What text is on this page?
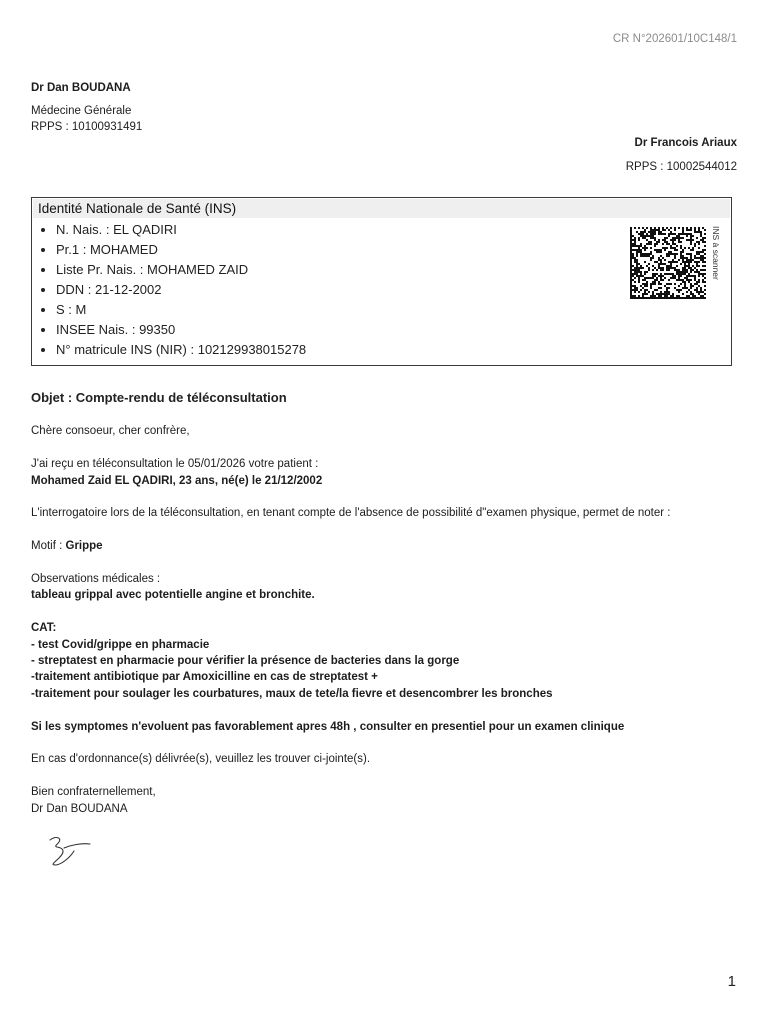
CR N°202601/10C148/1
Dr Dan BOUDANA
Médecine Générale
RPPS : 10100931491
Dr Francois Ariaux
RPPS : 10002544012
Identité Nationale de Santé (INS)
• N. Nais. : EL QADIRI
• Pr.1 : MOHAMED
• Liste Pr. Nais. : MOHAMED ZAID
• DDN : 21-12-2002
• S : M
• INSEE Nais. : 99350
• N° matricule INS (NIR) : 102129938015278
INS à scanner

Objet : Compte-rendu de téléconsultation

Chère consoeur, cher confrère,

J'ai reçu en téléconsultation le 05/01/2026 votre patient :

Mohamed Zaid EL QADIRI, 23 ans, né(e) le 21/12/2002

L'interrogatoire lors de la téléconsultation, en tenant compte de l'absence de possibilité d"examen physique, permet de noter :

Motif : Grippe

Observations médicales :

tableau grippal avec potentielle angine et bronchite.

CAT:

- test Covid/grippe en pharmacie

- streptatest en pharmacie pour vérifier la présence de bacteries dans la gorge

-traitement antibiotique par Amoxicilline en cas de streptatest +

-traitement pour soulager les courbatures, maux de tete/la fievre et desencombrer les bronches

Si les symptomes n'evoluent pas favorablement apres 48h , consulter en presentiel pour un examen clinique

En cas d'ordonnance(s) délivrée(s), veuillez les trouver ci-jointe(s).

Bien confraternellement,

Dr Dan BOUDANA

1
